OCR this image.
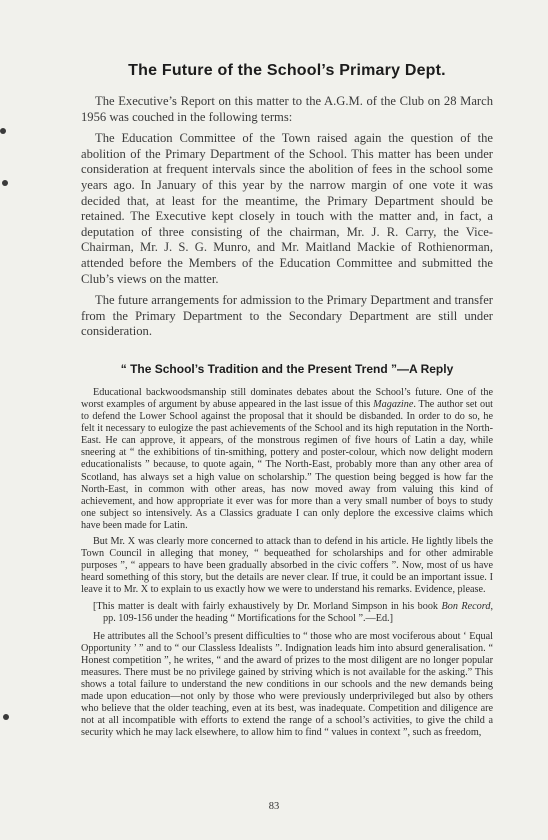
The Future of the School’s Primary Dept.

The Executive’s Report on this matter to the A.G.M. of the Club on 28 March 1956 was couched in the following terms:

The Education Committee of the Town raised again the question of the abolition of the Primary Department of the School. This matter has been under consideration at frequent intervals since the abolition of fees in the school some years ago. In January of this year by the narrow margin of one vote it was decided that, at least for the meantime, the Primary Department should be retained. The Executive kept closely in touch with the matter and, in fact, a deputation of three consisting of the chairman, Mr. J. R. Carry, the Vice-Chairman, Mr. J. S. G. Munro, and Mr. Maitland Mackie of Rothienorman, attended before the Members of the Education Committee and submitted the Club’s views on the matter.

The future arrangements for admission to the Primary Department and transfer from the Primary Department to the Secondary Department are still under consideration.

“ The School’s Tradition and the Present Trend ”—A Reply

Educational backwoodsmanship still dominates debates about the School’s future. One of the worst examples of argument by abuse appeared in the last issue of this Magazine. The author set out to defend the Lower School against the proposal that it should be disbanded. In order to do so, he felt it necessary to eulogize the past achievements of the School and its high reputation in the North-East. He can approve, it appears, of the monstrous regimen of five hours of Latin a day, while sneering at “ the exhibitions of tin-smithing, pottery and poster-colour, which now delight modern educationalists ” because, to quote again, “ The North-East, probably more than any other area of Scotland, has always set a high value on scholarship.” The question being begged is how far the North-East, in common with other areas, has now moved away from valuing this kind of achievement, and how appropriate it ever was for more than a very small number of boys to study one subject so intensively. As a Classics graduate I can only deplore the excessive claims which have been made for Latin.

But Mr. X was clearly more concerned to attack than to defend in his article. He lightly libels the Town Council in alleging that money, “ bequeathed for scholarships and for other admirable purposes ”, “ appears to have been gradually absorbed in the civic coffers ”. Now, most of us have heard something of this story, but the details are never clear. If true, it could be an important issue. I leave it to Mr. X to explain to us exactly how we were to understand his remarks. Evidence, please.

[This matter is dealt with fairly exhaustively by Dr. Morland Simpson in his book Bon Record, pp. 109-156 under the heading “ Mortifications for the School ”.—Ed.]

He attributes all the School’s present difficulties to “ those who are most vociferous about ‘ Equal Opportunity ’ ” and to “ our Classless Idealists ”. Indignation leads him into absurd generalisation. “ Honest competition ”, he writes, “ and the award of prizes to the most diligent are no longer popular measures. There must be no privilege gained by striving which is not available for the asking.” This shows a total failure to understand the new conditions in our schools and the new demands being made upon education—not only by those who were previously underprivileged but also by others who believe that the older teaching, even at its best, was inadequate. Competition and diligence are not at all incompatible with efforts to extend the range of a school’s activities, to give the child a security which he may lack elsewhere, to allow him to find “ values in context ”, such as freedom,

83
